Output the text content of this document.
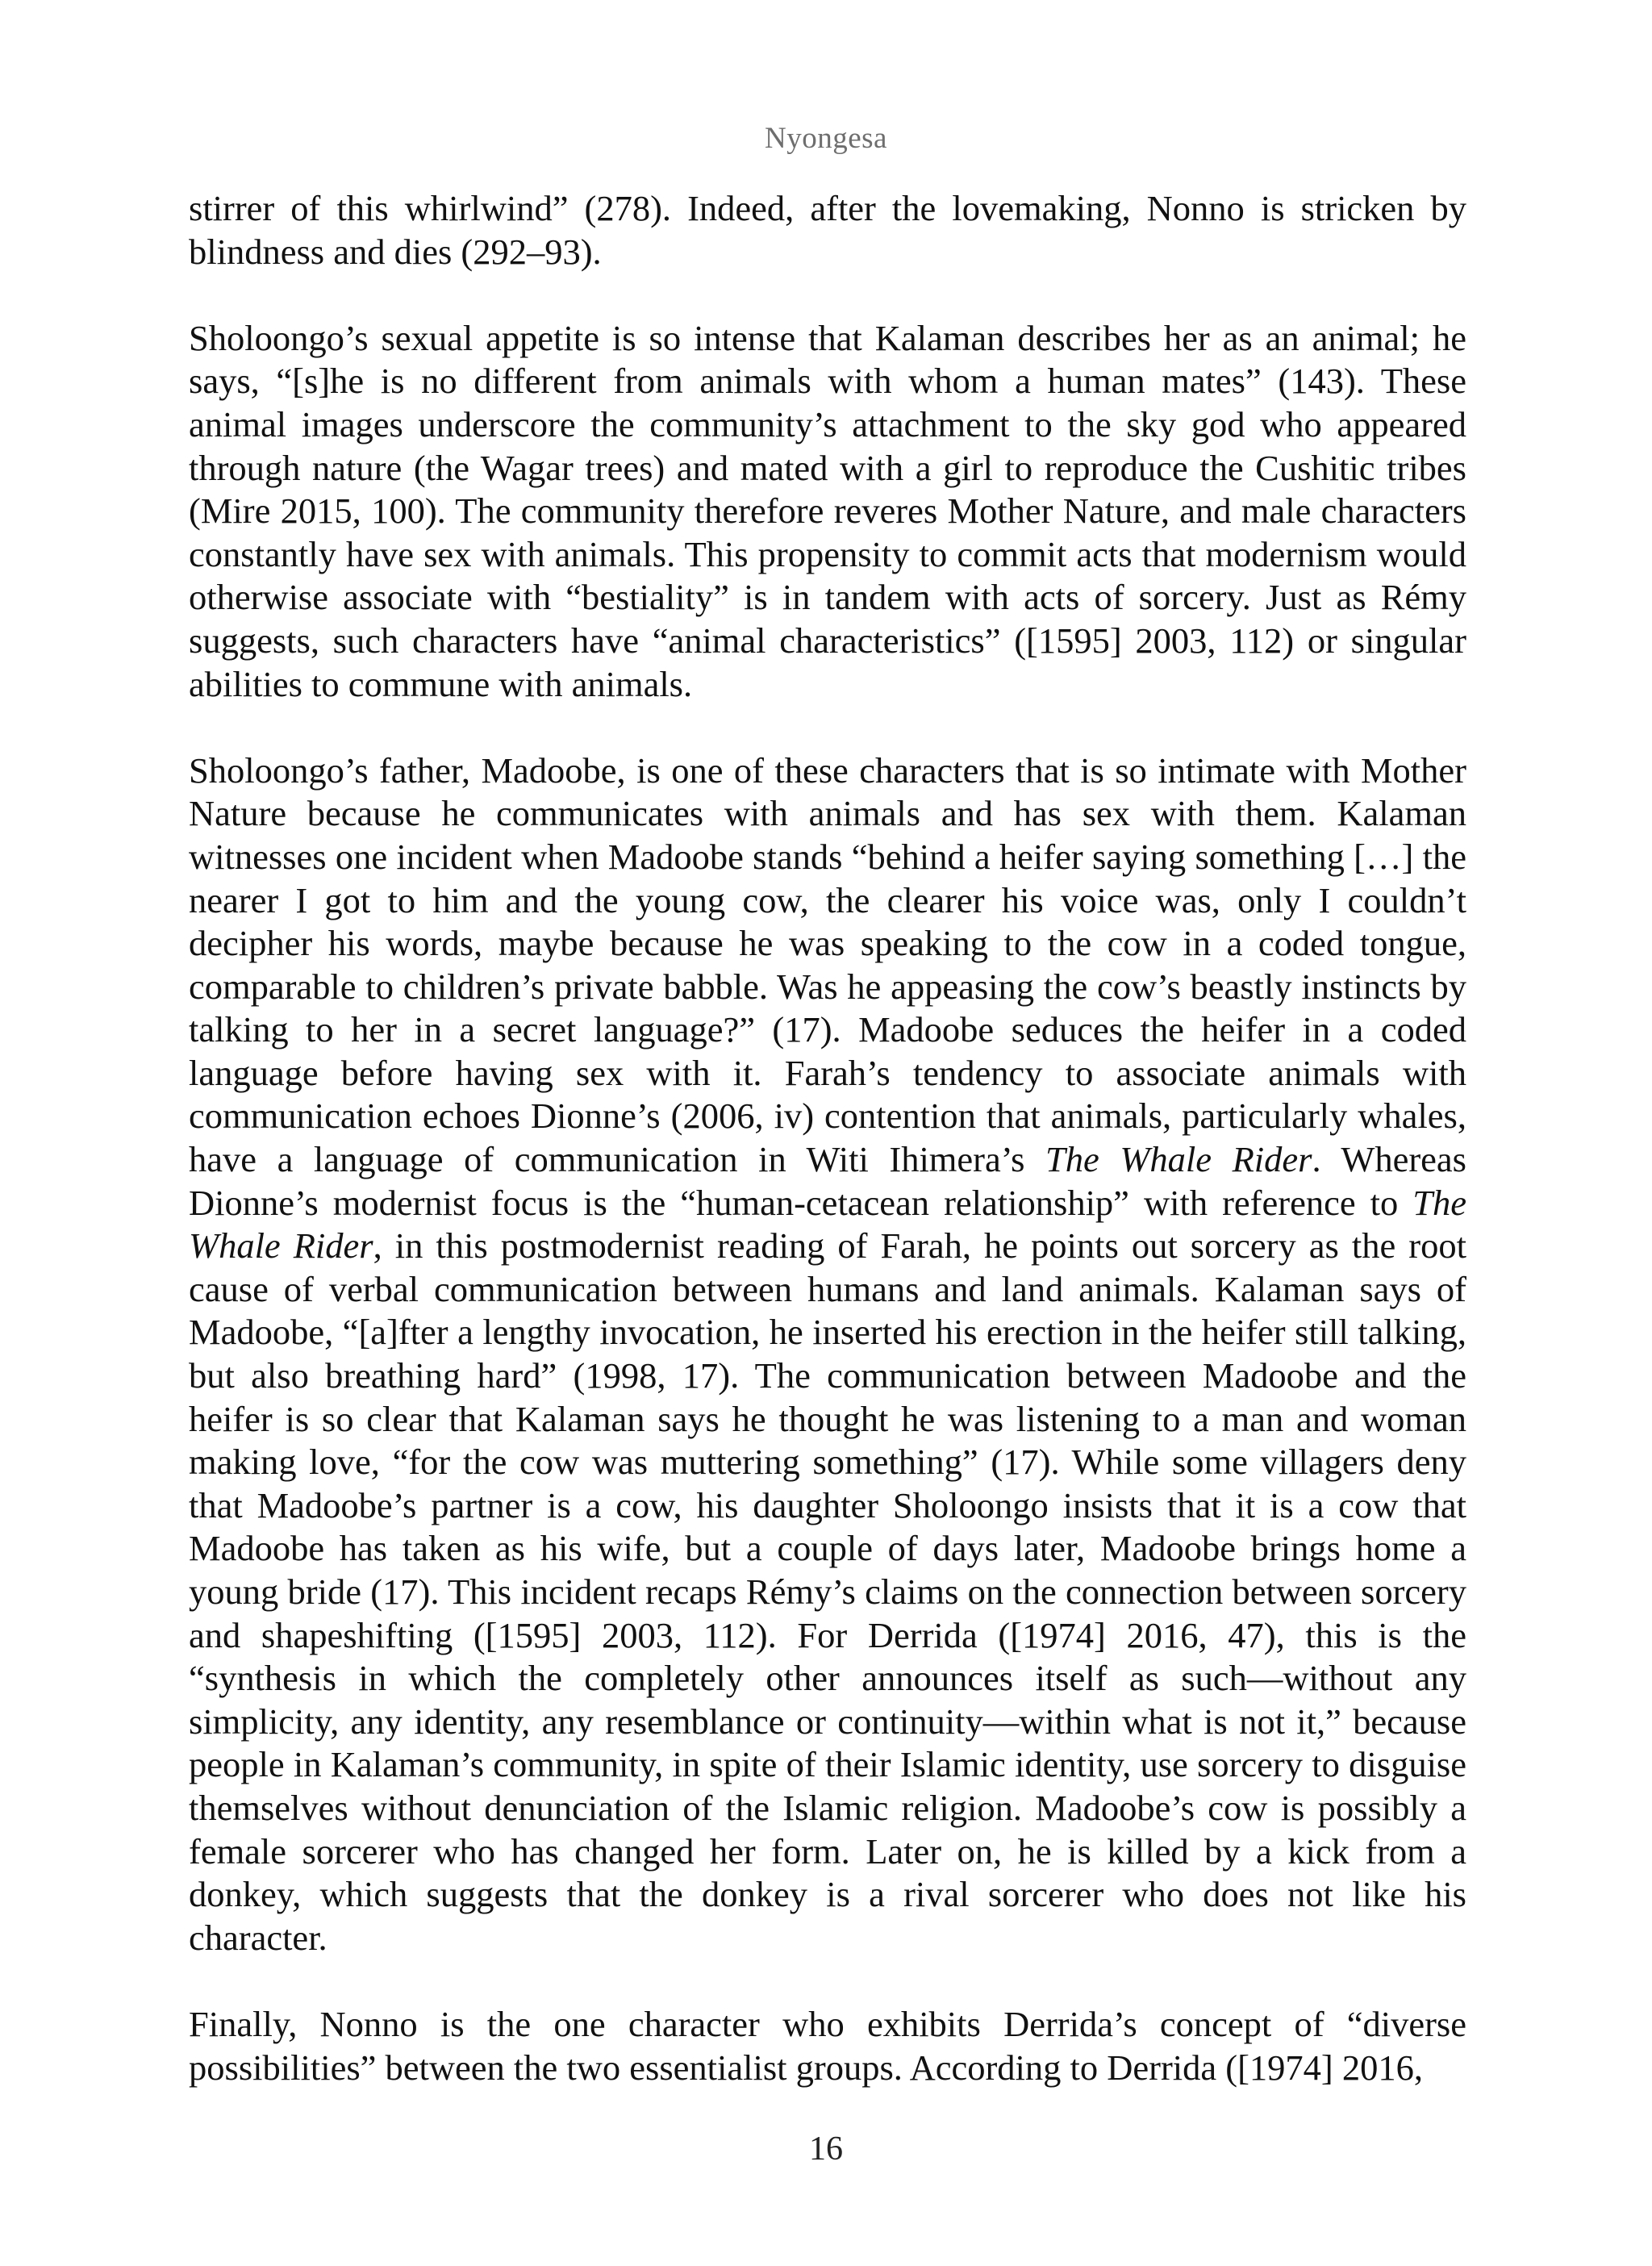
Nyongesa

stirrer of this whirlwind” (278). Indeed, after the lovemaking, Nonno is stricken by blindness and dies (292–93).

Sholoongo’s sexual appetite is so intense that Kalaman describes her as an animal; he says, “[s]he is no different from animals with whom a human mates” (143). These animal images underscore the community’s attachment to the sky god who appeared through nature (the Wagar trees) and mated with a girl to reproduce the Cushitic tribes (Mire 2015, 100). The community therefore reveres Mother Nature, and male characters constantly have sex with animals. This propensity to commit acts that modernism would otherwise associate with “bestiality” is in tandem with acts of sorcery. Just as Rémy suggests, such characters have “animal characteristics” ([1595] 2003, 112) or singular abilities to commune with animals.

Sholoongo’s father, Madoobe, is one of these characters that is so intimate with Mother Nature because he communicates with animals and has sex with them. Kalaman witnesses one incident when Madoobe stands “behind a heifer saying something […] the nearer I got to him and the young cow, the clearer his voice was, only I couldn’t decipher his words, maybe because he was speaking to the cow in a coded tongue, comparable to children’s private babble. Was he appeasing the cow’s beastly instincts by talking to her in a secret language?” (17). Madoobe seduces the heifer in a coded language before having sex with it. Farah’s tendency to associate animals with communication echoes Dionne’s (2006, iv) contention that animals, particularly whales, have a language of communication in Witi Ihimera’s The Whale Rider. Whereas Dionne’s modernist focus is the “human-cetacean relationship” with reference to The Whale Rider, in this postmodernist reading of Farah, he points out sorcery as the root cause of verbal communication between humans and land animals. Kalaman says of Madoobe, “[a]fter a lengthy invocation, he inserted his erection in the heifer still talking, but also breathing hard” (1998, 17). The communication between Madoobe and the heifer is so clear that Kalaman says he thought he was listening to a man and woman making love, “for the cow was muttering something” (17). While some villagers deny that Madoobe’s partner is a cow, his daughter Sholoongo insists that it is a cow that Madoobe has taken as his wife, but a couple of days later, Madoobe brings home a young bride (17). This incident recaps Rémy’s claims on the connection between sorcery and shapeshifting ([1595] 2003, 112). For Derrida ([1974] 2016, 47), this is the “synthesis in which the completely other announces itself as such—without any simplicity, any identity, any resemblance or continuity—within what is not it,” because people in Kalaman’s community, in spite of their Islamic identity, use sorcery to disguise themselves without denunciation of the Islamic religion. Madoobe’s cow is possibly a female sorcerer who has changed her form. Later on, he is killed by a kick from a donkey, which suggests that the donkey is a rival sorcerer who does not like his character.

Finally, Nonno is the one character who exhibits Derrida’s concept of “diverse possibilities” between the two essentialist groups. According to Derrida ([1974] 2016,

16
